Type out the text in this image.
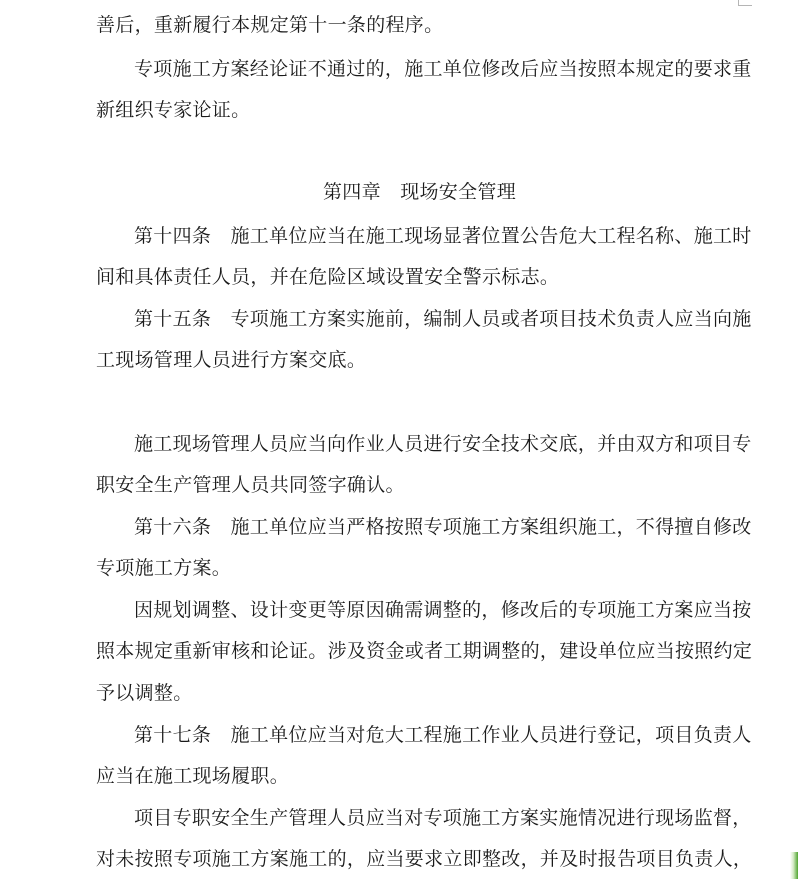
善后，重新履行本规定第十一条的程序。
专项施工方案经论证不通过的，施工单位修改后应当按照本规定的要求重
新组织专家论证。
第四章　现场安全管理
第十四条　施工单位应当在施工现场显著位置公告危大工程名称、施工时
间和具体责任人员，并在危险区域设置安全警示标志。
第十五条　专项施工方案实施前，编制人员或者项目技术负责人应当向施
工现场管理人员进行方案交底。
施工现场管理人员应当向作业人员进行安全技术交底，并由双方和项目专
职安全生产管理人员共同签字确认。
第十六条　施工单位应当严格按照专项施工方案组织施工，不得擅自修改
专项施工方案。
因规划调整、设计变更等原因确需调整的，修改后的专项施工方案应当按
照本规定重新审核和论证。涉及资金或者工期调整的，建设单位应当按照约定
予以调整。
第十七条　施工单位应当对危大工程施工作业人员进行登记，项目负责人
应当在施工现场履职。
项目专职安全生产管理人员应当对专项施工方案实施情况进行现场监督，
对未按照专项施工方案施工的，应当要求立即整改，并及时报告项目负责人，
